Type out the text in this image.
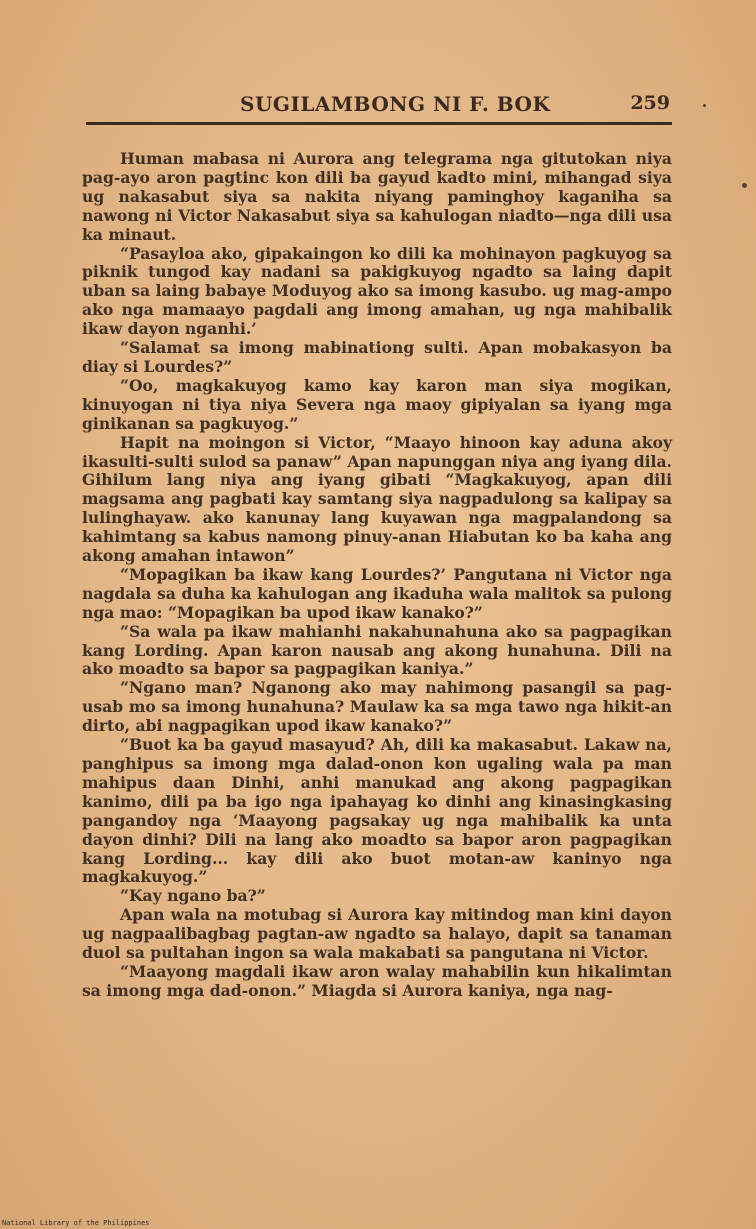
SUGILAMBONG NI F. BOK	259

Human mabasa ni Aurora ang telegrama nga gitutokan niya pag-ayo aron pagtinc kon dili ba gayud kadto mini, mihangad siya ug nakasabut siya sa nakita niyang paminghoy kaganiha sa nawong ni Victor Nakasabut siya sa kahulogan niadto—nga dili usa ka minaut.

“Pasayloa ako, gipakaingon ko dili ka mohinayon pagkuyog sa piknik tungod kay nadani sa pakigkuyog ngadto sa laing dapit uban sa laing babaye Moduyog ako sa imong kasubo. ug mag-ampo ako nga mamaayo pagdali ang imong amahan, ug nga mahibalik ikaw dayon nganhi.’

“Salamat sa imong mabinationg sulti. Apan mobakasyon ba diay si Lourdes?”

“Oo, magkakuyog kamo kay karon man siya mogikan, kinuyogan ni tiya niya Severa nga maoy gipiyalan sa iyang mga ginikanan sa pagkuyog.”

Hapit na moingon si Victor, “Maayo hinoon kay aduna akoy ikasulti-sulti sulod sa panaw” Apan napunggan niya ang iyang dila. Gihilum lang niya ang iyang gibati “Magkakuyog, apan dili magsama ang pagbati kay samtang siya nagpadulong sa kalipay sa lulinghayaw. ako kanunay lang kuyawan nga magpalandong sa kahimtang sa kabus namong pinuy-anan Hiabutan ko ba kaha ang akong amahan intawon”

“Mopagikan ba ikaw kang Lourdes?’ Pangutana ni Victor nga nagdala sa duha ka kahulogan ang ikaduha wala malitok sa pulong nga mao: “Mopagikan ba upod ikaw kanako?”

“Sa wala pa ikaw mahianhi nakahunahuna ako sa pagpagikan kang Lording. Apan karon nausab ang akong hunahuna. Dili na ako moadto sa bapor sa pagpagikan kaniya.”

“Ngano man? Nganong ako may nahimong pasangil sa pag-usab mo sa imong hunahuna? Maulaw ka sa mga tawo nga hikit-an dirto, abi nagpagikan upod ikaw kanako?”

“Buot ka ba gayud masayud? Ah, dili ka makasabut. Lakaw na, panghipus sa imong mga dalad-onon kon ugaling wala pa man mahipus daan Dinhi, anhi manukad ang akong pagpagikan kanimo, dili pa ba igo nga ipahayag ko dinhi ang kinasingkasing pangandoy nga ‘Maayong pagsakay ug nga mahibalik ka unta dayon dinhi? Dili na lang ako moadto sa bapor aron pagpagikan kang Lording... kay dili ako buot motan-aw kaninyo nga magkakuyog.”

“Kay ngano ba?”

Apan wala na motubag si Aurora kay mitindog man kini dayon ug nagpaalibagbag pagtan-aw ngadto sa halayo, dapit sa tanaman duol sa pultahan ingon sa wala makabati sa pangutana ni Victor.

“Maayong magdali ikaw aron walay mahabilin kun hikalimtan sa imong mga dad-onon.” Miagda si Aurora kaniya, nga nag-

National Library of the Philippines
